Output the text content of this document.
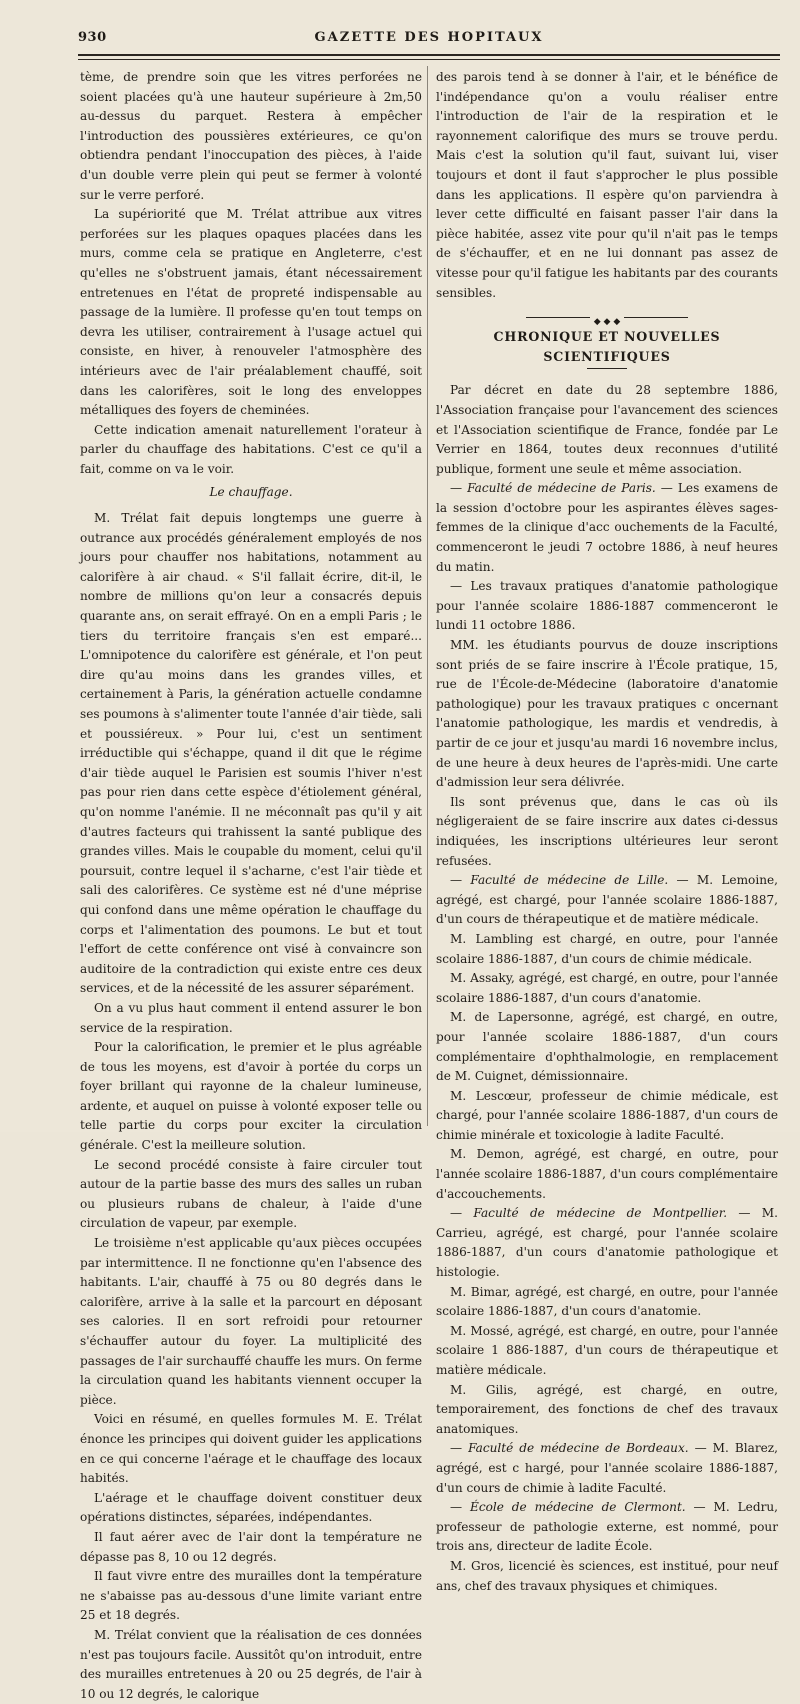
930	GAZETTE DES HOPITAUX

tème, de prendre soin que les vitres perforées ne soient placées qu'à une hauteur supérieure à 2m,50 au-dessus du parquet. Restera à empêcher l'introduction des poussières extérieures, ce qu'on obtiendra pendant l'inoccupation des pièces, à l'aide d'un double verre plein qui peut se fermer à volonté sur le verre perforé.

La supériorité que M. Trélat attribue aux vitres perforées sur les plaques opaques placées dans les murs, comme cela se pratique en Angleterre, c'est qu'elles ne s'obstruent jamais, étant nécessairement entretenues en l'état de propreté indispensable au passage de la lumière. Il professe qu'en tout temps on devra les utiliser, contrairement à l'usage actuel qui consiste, en hiver, à renouveler l'atmosphère des intérieurs avec de l'air préalablement chauffé, soit dans les calorifères, soit le long des enveloppes métalliques des foyers de cheminées.

Cette indication amenait naturellement l'orateur à parler du chauffage des habitations. C'est ce qu'il a fait, comme on va le voir.

Le chauffage.

M. Trélat fait depuis longtemps une guerre à outrance aux procédés généralement employés de nos jours pour chauffer nos habitations, notamment au calorifère à air chaud. « S'il fallait écrire, dit-il, le nombre de millions qu'on leur a consacrés depuis quarante ans, on serait effrayé. On en a empli Paris ; le tiers du territoire français s'en est emparé... L'omnipotence du calorifère est générale, et l'on peut dire qu'au moins dans les grandes villes, et certainement à Paris, la génération actuelle condamne ses poumons à s'alimenter toute l'année d'air tiède, sali et poussiéreux. » Pour lui, c'est un sentiment irréductible qui s'échappe, quand il dit que le régime d'air tiède auquel le Parisien est soumis l'hiver n'est pas pour rien dans cette espèce d'étiolement général, qu'on nomme l'anémie. Il ne méconnaît pas qu'il y ait d'autres facteurs qui trahissent la santé publique des grandes villes. Mais le coupable du moment, celui qu'il poursuit, contre lequel il s'acharne, c'est l'air tiède et sali des calorifères. Ce système est né d'une méprise qui confond dans une même opération le chauffage du corps et l'alimentation des poumons. Le but et tout l'effort de cette conférence ont visé à convaincre son auditoire de la contradiction qui existe entre ces deux services, et de la nécessité de les assurer séparément.

On a vu plus haut comment il entend assurer le bon service de la respiration.

Pour la calorification, le premier et le plus agréable de tous les moyens, est d'avoir à portée du corps un foyer brillant qui rayonne de la chaleur lumineuse, ardente, et auquel on puisse à volonté exposer telle ou telle partie du corps pour exciter la circulation générale. C'est la meilleure solution.

Le second procédé consiste à faire circuler tout autour de la partie basse des murs des salles un ruban ou plusieurs rubans de chaleur, à l'aide d'une circulation de vapeur, par exemple.

Le troisième n'est applicable qu'aux pièces occupées par intermittence. Il ne fonctionne qu'en l'absence des habitants. L'air, chauffé à 75 ou 80 degrés dans le calorifère, arrive à la salle et la parcourt en déposant ses calories. Il en sort refroidi pour retourner s'échauffer autour du foyer. La multiplicité des passages de l'air surchauffé chauffe les murs. On ferme la circulation quand les habitants viennent occuper la pièce.

Voici en résumé, en quelles formules M. E. Trélat énonce les principes qui doivent guider les applications en ce qui concerne l'aérage et le chauffage des locaux habités.

L'aérage et le chauffage doivent constituer deux opérations distinctes, séparées, indépendantes.

Il faut aérer avec de l'air dont la température ne dépasse pas 8, 10 ou 12 degrés.

Il faut vivre entre des murailles dont la température ne s'abaisse pas au-dessous d'une limite variant entre 25 et 18 degrés.

M. Trélat convient que la réalisation de ces données n'est pas toujours facile. Aussitôt qu'on introduit, entre des murailles entretenues à 20 ou 25 degrés, de l'air à 10 ou 12 degrés, le calorique

des parois tend à se donner à l'air, et le bénéfice de l'indépendance qu'on a voulu réaliser entre l'introduction de l'air de la respiration et le rayonnement calorifique des murs se trouve perdu. Mais c'est la solution qu'il faut, suivant lui, viser toujours et dont il faut s'approcher le plus possible dans les applications. Il espère qu'on parviendra à lever cette difficulté en faisant passer l'air dans la pièce habitée, assez vite pour qu'il n'ait pas le temps de s'échauffer, et en ne lui donnant pas assez de vitesse pour qu'il fatigue les habitants par des courants sensibles.

◆ ◆ ◆
CHRONIQUE ET NOUVELLES SCIENTIFIQUES

Par décret en date du 28 septembre 1886, l'Association française pour l'avancement des sciences et l'Association scientifique de France, fondée par Le Verrier en 1864, toutes deux reconnues d'utilité publique, forment une seule et même association.

— Faculté de médecine de Paris. — Les examens de la session d'octobre pour les aspirantes élèves sages-femmes de la clinique d'acc ouchements de la Faculté, commenceront le jeudi 7 octobre 1886, à neuf heures du matin.

— Les travaux pratiques d'anatomie pathologique pour l'année scolaire 1886-1887 commenceront le lundi 11 octobre 1886.

MM. les étudiants pourvus de douze inscriptions sont priés de se faire inscrire à l'École pratique, 15, rue de l'École-de-Médecine (laboratoire d'anatomie pathologique) pour les travaux pratiques c oncernant l'anatomie pathologique, les mardis et vendredis, à partir de ce jour et jusqu'au mardi 16 novembre inclus, de une heure à deux heures de l'après-midi. Une carte d'admission leur sera délivrée.

Ils sont prévenus que, dans le cas où ils négligeraient de se faire inscrire aux dates ci-dessus indiquées, les inscriptions ultérieures leur seront refusées.

— Faculté de médecine de Lille. — M. Lemoine, agrégé, est chargé, pour l'année scolaire 1886-1887, d'un cours de thérapeutique et de matière médicale.

M. Lambling est chargé, en outre, pour l'année scolaire 1886-1887, d'un cours de chimie médicale.

M. Assaky, agrégé, est chargé, en outre, pour l'année scolaire 1886-1887, d'un cours d'anatomie.

M. de Lapersonne, agrégé, est chargé, en outre, pour l'année scolaire 1886-1887, d'un cours complémentaire d'ophthalmologie, en remplacement de M. Cuignet, démissionnaire.

M. Lescœur, professeur de chimie médicale, est chargé, pour l'année scolaire 1886-1887, d'un cours de chimie minérale et toxicologie à ladite Faculté.

M. Demon, agrégé, est chargé, en outre, pour l'année scolaire 1886-1887, d'un cours complémentaire d'accouchements.

— Faculté de médecine de Montpellier. — M. Carrieu, agrégé, est chargé, pour l'année scolaire 1886-1887, d'un cours d'anatomie pathologique et histologie.

M. Bimar, agrégé, est chargé, en outre, pour l'année scolaire 1886-1887, d'un cours d'anatomie.

M. Mossé, agrégé, est chargé, en outre, pour l'année scolaire 1 886-1887, d'un cours de thérapeutique et matière médicale.

M. Gilis, agrégé, est chargé, en outre, temporairement, des fonctions de chef des travaux anatomiques.

— Faculté de médecine de Bordeaux. — M. Blarez, agrégé, est c hargé, pour l'année scolaire 1886-1887, d'un cours de chimie à ladite Faculté.

— École de médecine de Clermont. — M. Ledru, professeur de pathologie externe, est nommé, pour trois ans, directeur de ladite École.

M. Gros, licencié ès sciences, est institué, pour neuf ans, chef des travaux physiques et chimiques.
